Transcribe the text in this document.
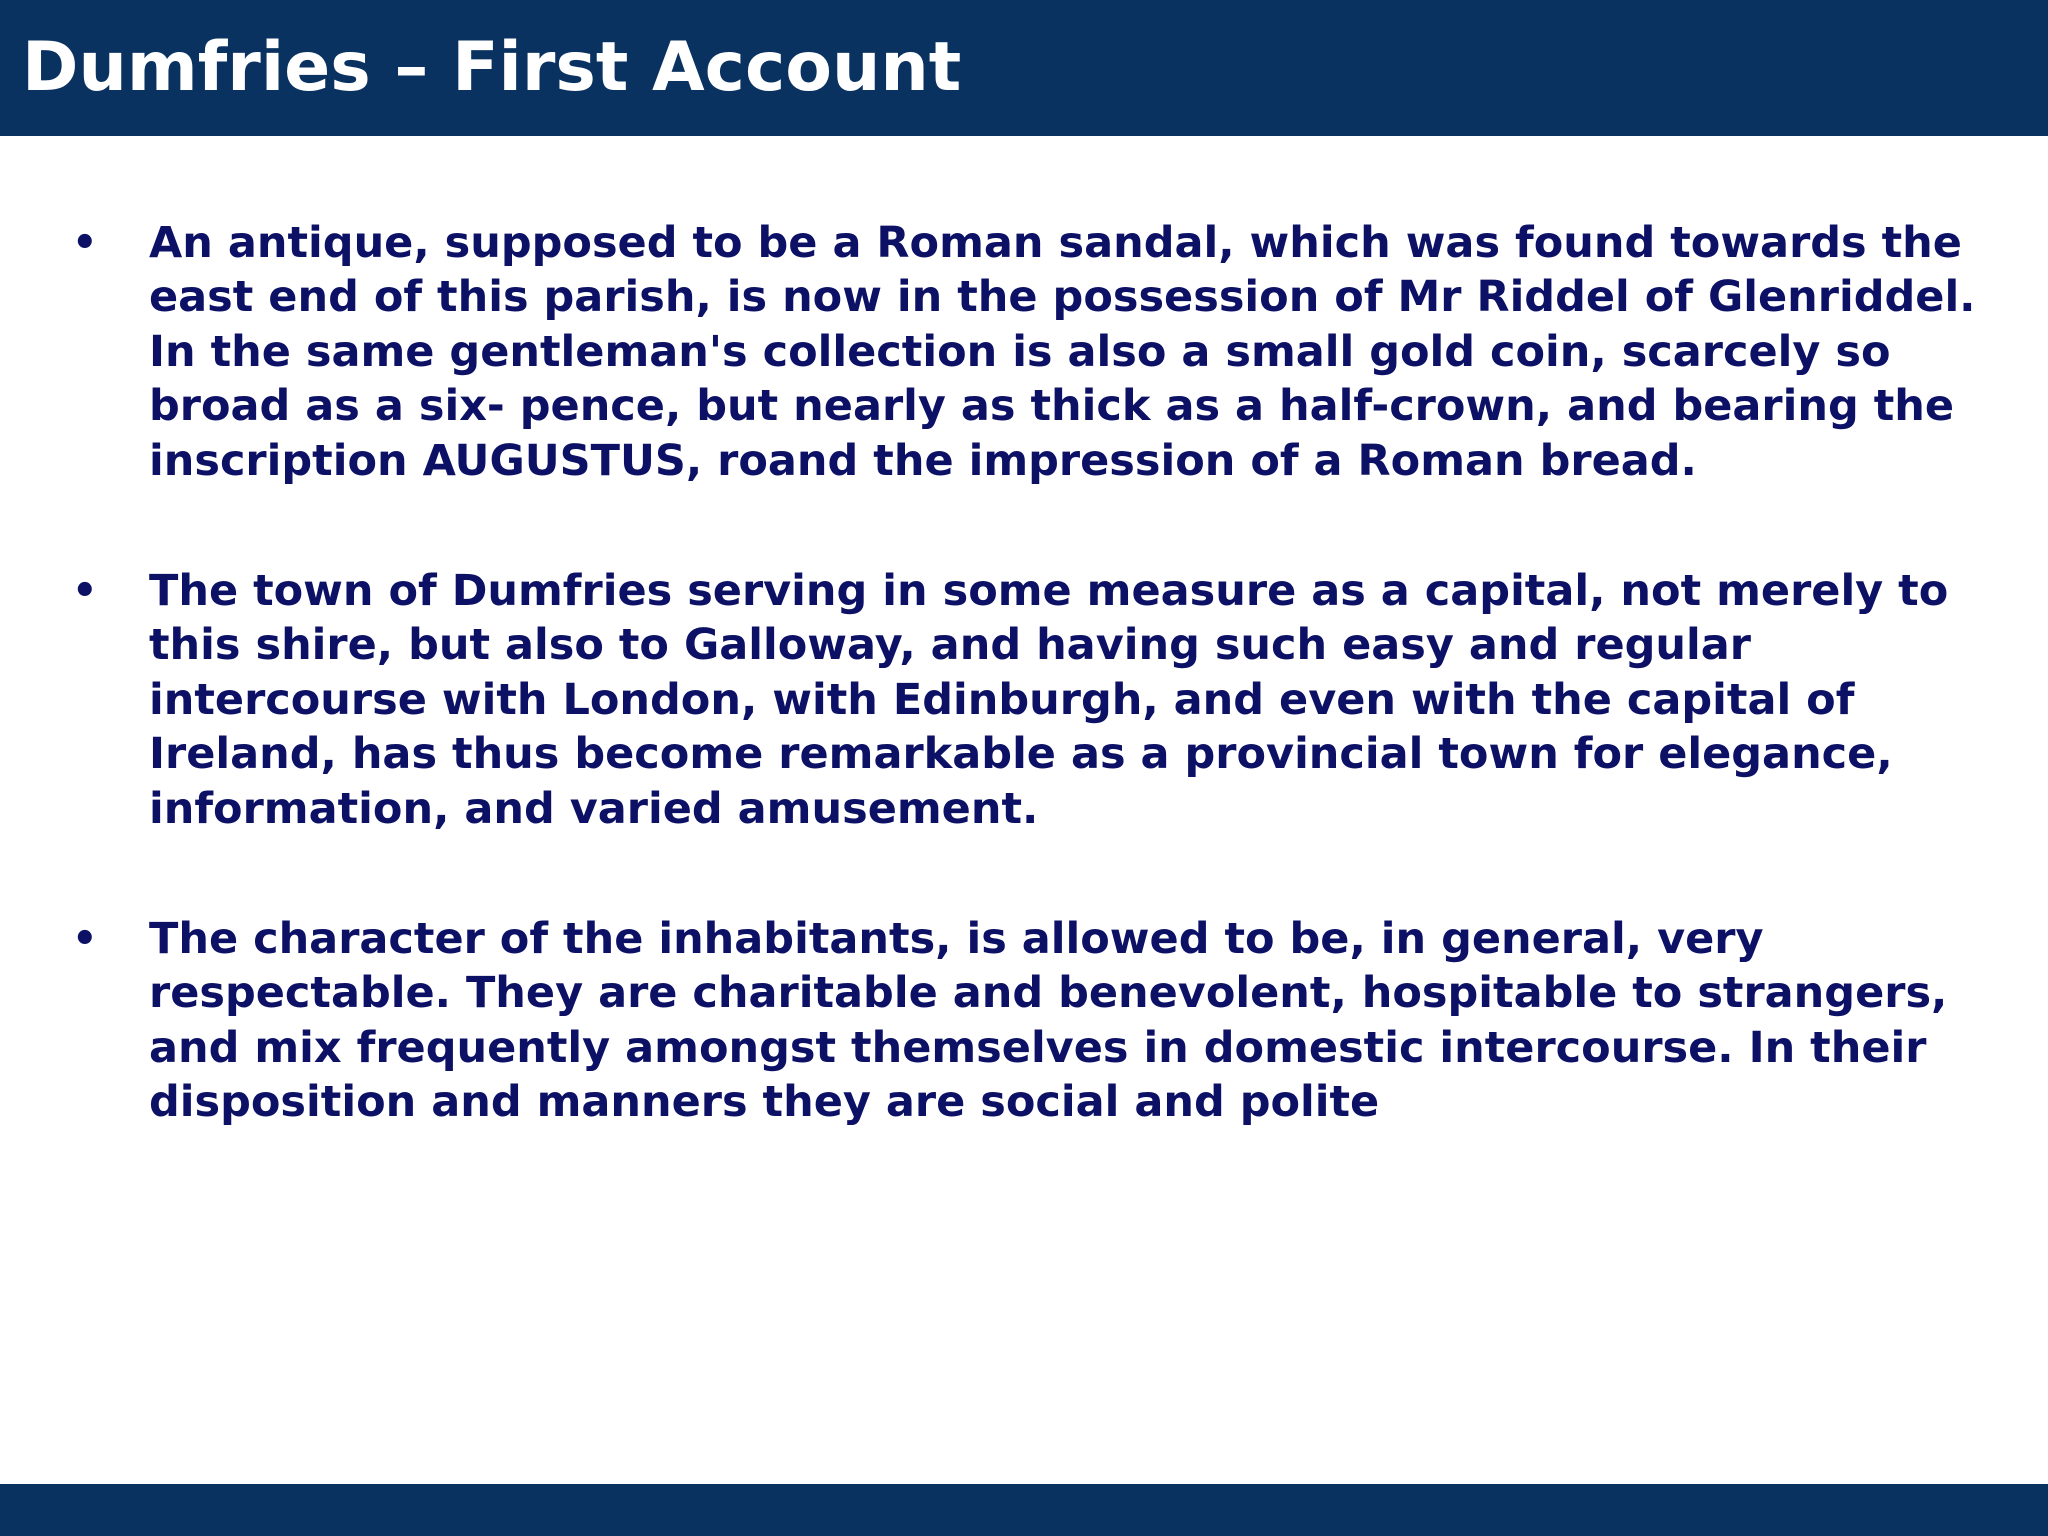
Dumfries – First Account
• An antique, supposed to be a Roman sandal, which was found towards the east end of this parish, is now in the possession of Mr Riddel of Glenriddel. In the same gentleman's collection is also a small gold coin, scarcely so broad as a six- pence, but nearly as thick as a half-crown, and bearing the inscription AUGUSTUS, roand the impression of a Roman bread.
• The town of Dumfries serving in some measure as a capital, not merely to this shire, but also to Galloway, and having such easy and regular intercourse with London, with Edinburgh, and even with the capital of Ireland, has thus become remarkable as a provincial town for elegance, information, and varied amusement.
• The character of the inhabitants, is allowed to be, in general, very respectable. They are charitable and benevolent, hospitable to strangers, and mix frequently amongst themselves in domestic intercourse. In their disposition and manners they are social and polite
